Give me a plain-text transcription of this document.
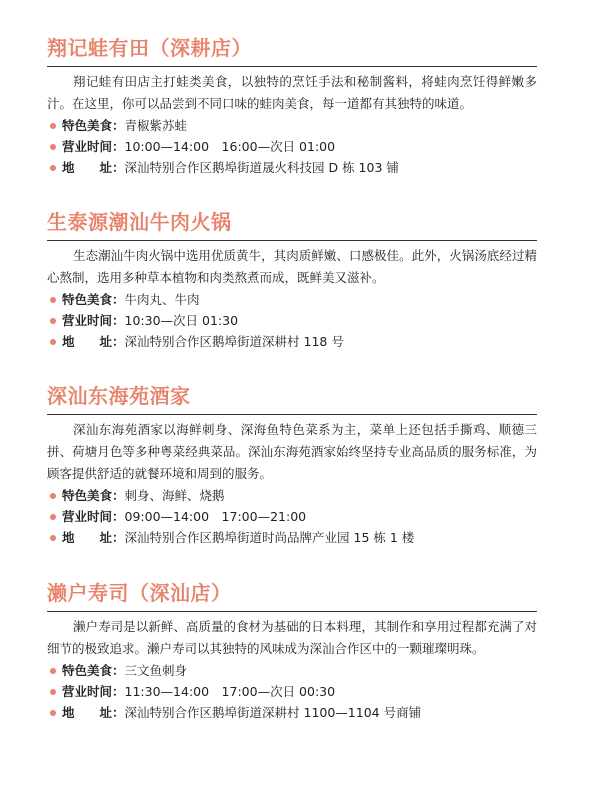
翔记蛙有田（深耕店）
翔记蛙有田店主打蛙类美食，以独特的烹饪手法和秘制酱料，将蛙肉烹饪得鲜嫩多汁。在这里，你可以品尝到不同口味的蛙肉美食，每一道都有其独特的味道。
特色美食：青椒紫苏蛙
营业时间：10:00—14:00　16:00—次日 01:00
地　　址：深汕特别合作区鹅埠街道晟火科技园 D 栋 103 铺
生泰源潮汕牛肉火锅
生态潮汕牛肉火锅中选用优质黄牛，其肉质鲜嫩、口感极佳。此外，火锅汤底经过精心熬制，选用多种草本植物和肉类熬煮而成，既鲜美又滋补。
特色美食：牛肉丸、牛肉
营业时间：10:30—次日 01:30
地　　址：深汕特别合作区鹅埠街道深耕村 118 号
深汕东海苑酒家
深汕东海苑酒家以海鲜刺身、深海鱼特色菜系为主，菜单上还包括手撕鸡、顺德三拼、荷塘月色等多种粤菜经典菜品。深汕东海苑酒家始终坚持专业高品质的服务标准，为顾客提供舒适的就餐环境和周到的服务。
特色美食：刺身、海鲜、烧鹅
营业时间：09:00—14:00　17:00—21:00
地　　址：深汕特别合作区鹅埠街道时尚品牌产业园 15 栋 1 楼
濑户寿司（深汕店）
濑户寿司是以新鲜、高质量的食材为基础的日本料理，其制作和享用过程都充满了对细节的极致追求。濑户寿司以其独特的风味成为深汕合作区中的一颗璀璨明珠。
特色美食：三文鱼刺身
营业时间：11:30—14:00　17:00—次日 00:30
地　　址：深汕特别合作区鹅埠街道深耕村 1100—1104 号商铺
